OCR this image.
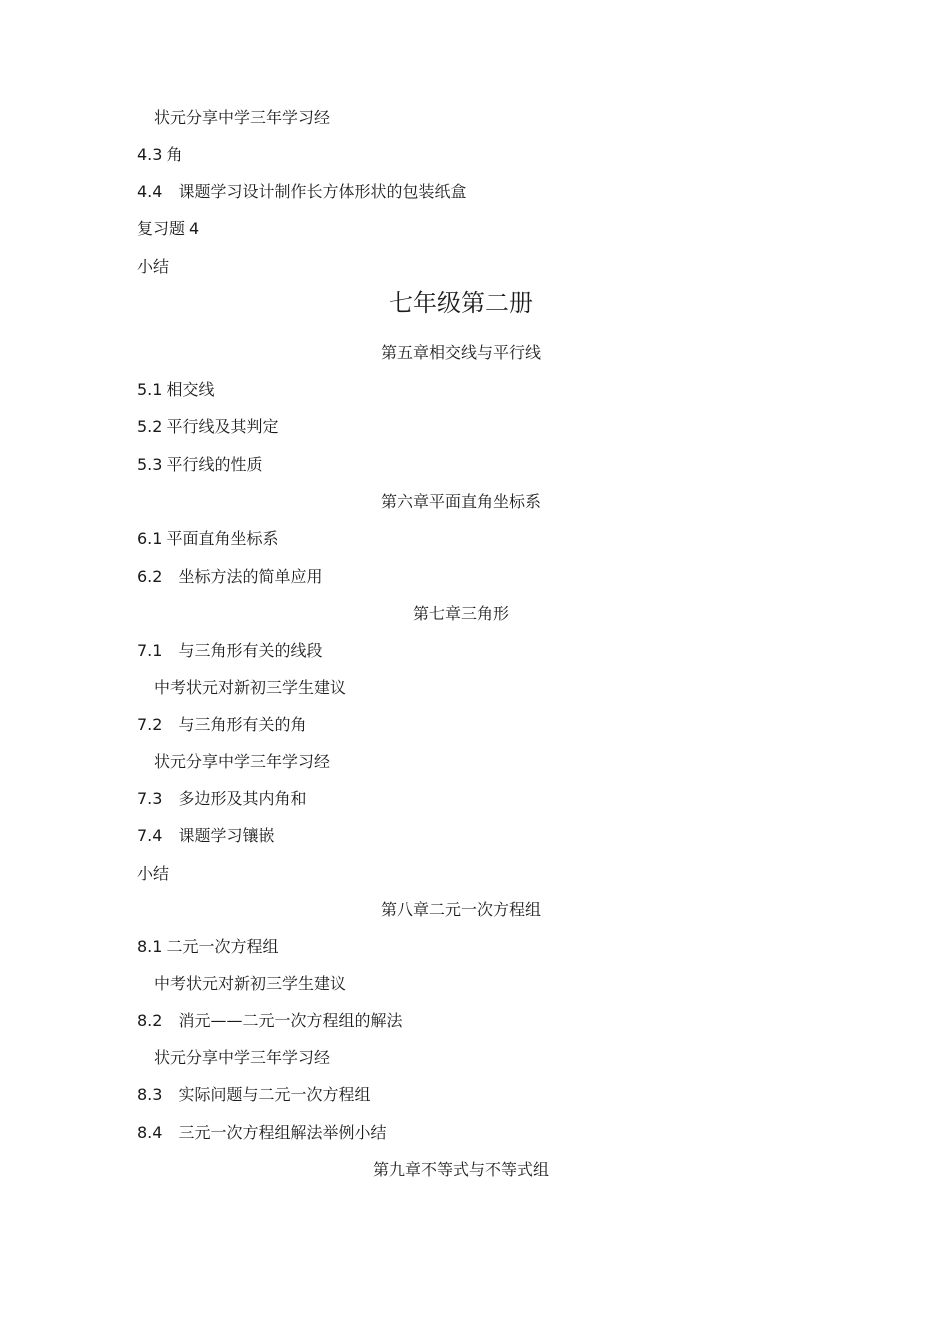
状元分享中学三年学习经
4.3 角
4.4 课题学习设计制作长方体形状的包装纸盒
复习题 4
小结
七年级第二册
第五章相交线与平行线
5.1 相交线
5.2 平行线及其判定
5.3 平行线的性质
第六章平面直角坐标系
6.1 平面直角坐标系
6.2 坐标方法的简单应用
第七章三角形
7.1 与三角形有关的线段
中考状元对新初三学生建议
7.2 与三角形有关的角
状元分享中学三年学习经
7.3 多边形及其内角和
7.4 课题学习镶嵌
小结
第八章二元一次方程组
8.1 二元一次方程组
中考状元对新初三学生建议
8.2 消元——二元一次方程组的解法
状元分享中学三年学习经
8.3 实际问题与二元一次方程组
8.4 三元一次方程组解法举例小结
第九章不等式与不等式组
